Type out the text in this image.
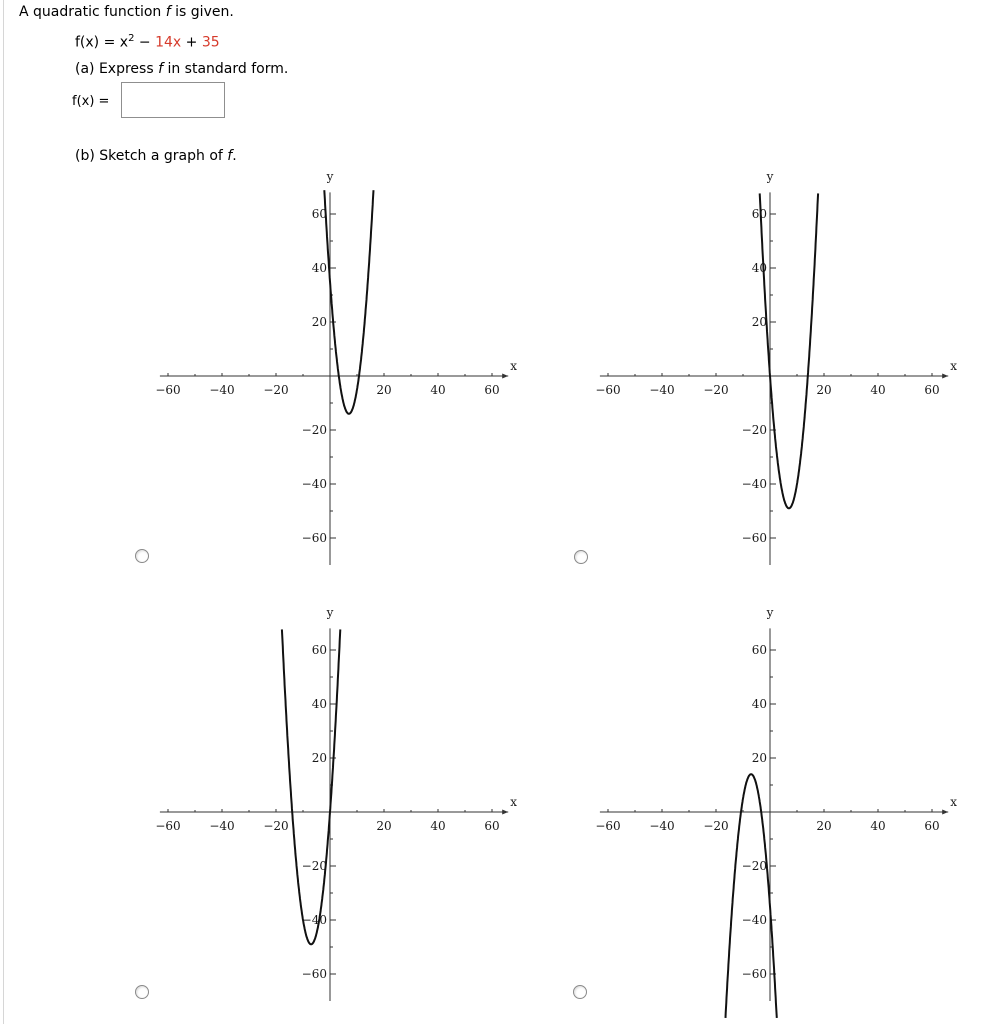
A quadratic function f is given.
$f(x) = x^2 - 14x + 35$
(a) Express f in standard form.
f(x) =
(b) Sketch a graph of f.
−60 −40 −20	20	40	60
60
40
20
−20
−40
−60
x
y
−60 −40 −20	20	40	60
60
40
20
−20
−40
−60
x
y
−60 −40 −20	20	40	60
60
40
20
−20
−40
−60
x
y
−60 −40 −20	20	40	60
60
40
20
−20
−40
−60
x
y
